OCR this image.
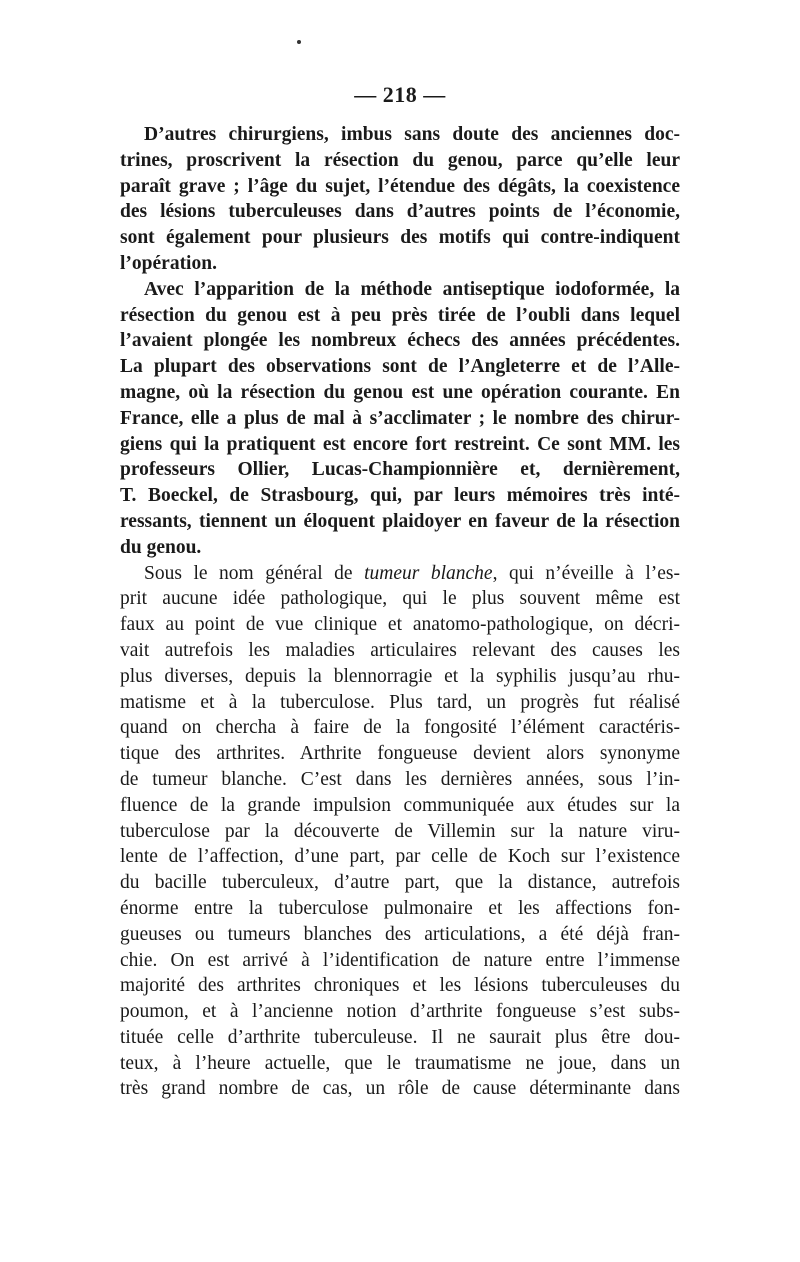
— 218 —
D’autres chirurgiens, imbus sans doute des anciennes doc-
trines, proscrivent la résection du genou, parce qu’elle leur
paraît grave ; l’âge du sujet, l’étendue des dégâts, la coexistence
des lésions tuberculeuses dans d’autres points de l’économie,
sont également pour plusieurs des motifs qui contre-indiquent
l’opération.
Avec l’apparition de la méthode antiseptique iodoformée, la
résection du genou est à peu près tirée de l’oubli dans lequel
l’avaient plongée les nombreux échecs des années précédentes.
La plupart des observations sont de l’Angleterre et de l’Alle-
magne, où la résection du genou est une opération courante. En
France, elle a plus de mal à s’acclimater ; le nombre des chirur-
giens qui la pratiquent est encore fort restreint. Ce sont MM. les
professeurs Ollier, Lucas-Championnière et, dernièrement,
T. Boeckel, de Strasbourg, qui, par leurs mémoires très inté-
ressants, tiennent un éloquent plaidoyer en faveur de la résection
du genou.
Sous le nom général de tumeur blanche, qui n’éveille à l’es-
prit aucune idée pathologique, qui le plus souvent même est
faux au point de vue clinique et anatomo-pathologique, on décri-
vait autrefois les maladies articulaires relevant des causes les
plus diverses, depuis la blennorragie et la syphilis jusqu’au rhu-
matisme et à la tuberculose. Plus tard, un progrès fut réalisé
quand on chercha à faire de la fongosité l’élément caractéris-
tique des arthrites. Arthrite fongueuse devient alors synonyme
de tumeur blanche. C’est dans les dernières années, sous l’in-
fluence de la grande impulsion communiquée aux études sur la
tuberculose par la découverte de Villemin sur la nature viru-
lente de l’affection, d’une part, par celle de Koch sur l’existence
du bacille tuberculeux, d’autre part, que la distance, autrefois
énorme entre la tuberculose pulmonaire et les affections fon-
gueuses ou tumeurs blanches des articulations, a été déjà fran-
chie. On est arrivé à l’identification de nature entre l’immense
majorité des arthrites chroniques et les lésions tuberculeuses du
poumon, et à l’ancienne notion d’arthrite fongueuse s’est subs-
tituée celle d’arthrite tuberculeuse. Il ne saurait plus être dou-
teux, à l’heure actuelle, que le traumatisme ne joue, dans un
très grand nombre de cas, un rôle de cause déterminante dans
